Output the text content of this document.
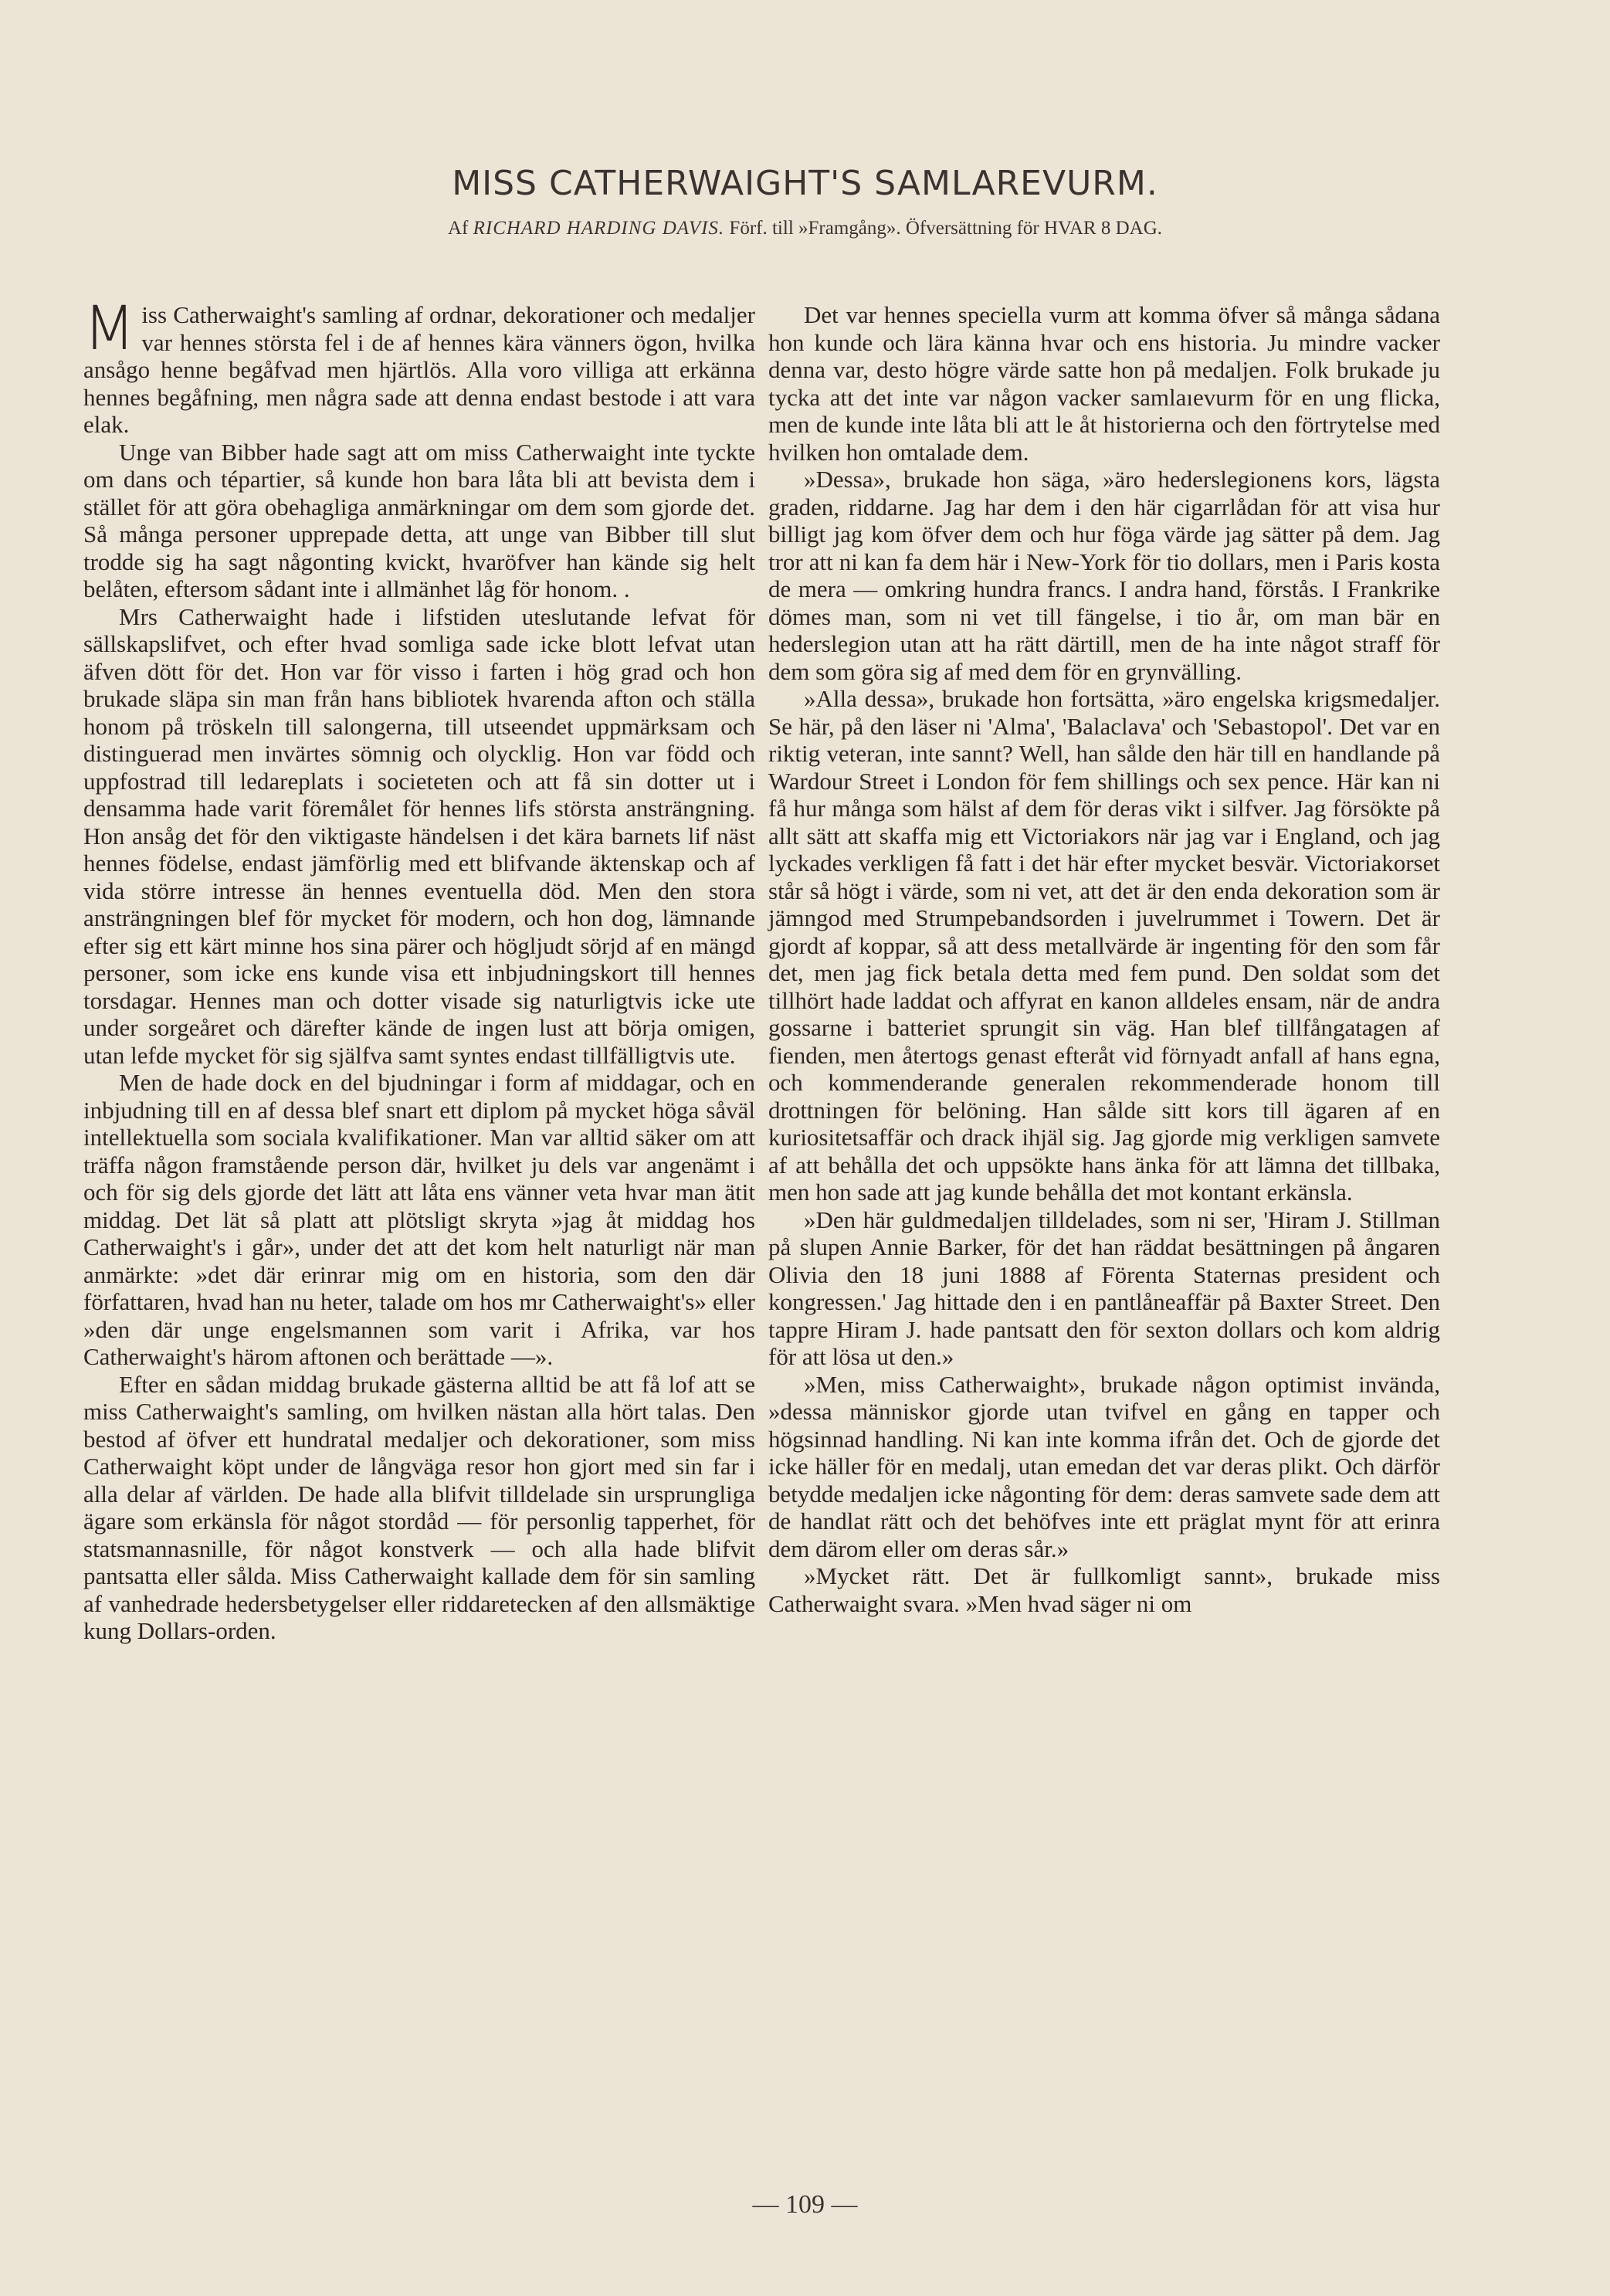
MISS CATHERWAIGHT'S SAMLAREVURM.
Af RICHARD HARDING DAVIS. Förf. till »Framgång». Öfversättning för HVAR 8 DAG.

Miss Catherwaight's samling af ordnar, dekorationer och medaljer var hennes största fel i de af hennes kära vänners ögon, hvilka ansågo henne begåfvad men hjärtlös. Alla voro villiga att erkänna hennes begåfning, men några sade att denna endast bestode i att vara elak.

Unge van Bibber hade sagt att om miss Catherwaight inte tyckte om dans och tépartier, så kunde hon bara låta bli att bevista dem i stället för att göra obehagliga anmärkningar om dem som gjorde det. Så många personer upprepade detta, att unge van Bibber till slut trodde sig ha sagt någonting kvickt, hvaröfver han kände sig helt belåten, eftersom sådant inte i allmänhet låg för honom. .

Mrs Catherwaight hade i lifstiden uteslutande lefvat för sällskapslifvet, och efter hvad somliga sade icke blott lefvat utan äfven dött för det. Hon var för visso i farten i hög grad och hon brukade släpa sin man från hans bibliotek hvarenda afton och ställa honom på tröskeln till salongerna, till utseendet uppmärksam och distinguerad men invärtes sömnig och olycklig. Hon var född och uppfostrad till ledareplats i societeten och att få sin dotter ut i densamma hade varit föremålet för hennes lifs största ansträngning. Hon ansåg det för den viktigaste händelsen i det kära barnets lif näst hennes födelse, endast jämförlig med ett blifvande äktenskap och af vida större intresse än hennes eventuella död. Men den stora ansträngningen blef för mycket för modern, och hon dog, lämnande efter sig ett kärt minne hos sina pärer och högljudt sörjd af en mängd personer, som icke ens kunde visa ett inbjudningskort till hennes torsdagar. Hennes man och dotter visade sig naturligtvis icke ute under sorgeåret och därefter kände de ingen lust att börja omigen, utan lefde mycket för sig själfva samt syntes endast tillfälligtvis ute.

Men de hade dock en del bjudningar i form af middagar, och en inbjudning till en af dessa blef snart ett diplom på mycket höga såväl intellektuella som sociala kvalifikationer. Man var alltid säker om att träffa någon framstående person där, hvilket ju dels var angenämt i och för sig dels gjorde det lätt att låta ens vänner veta hvar man ätit middag. Det lät så platt att plötsligt skryta »jag åt middag hos Catherwaight's i går», under det att det kom helt naturligt när man anmärkte: »det där erinrar mig om en historia, som den där författaren, hvad han nu heter, talade om hos mr Catherwaight's» eller »den där unge engelsmannen som varit i Afrika, var hos Catherwaight's härom aftonen och berättade —».

Efter en sådan middag brukade gästerna alltid be att få lof att se miss Catherwaight's samling, om hvilken nästan alla hört talas. Den bestod af öfver ett hundratal medaljer och dekorationer, som miss Catherwaight köpt under de långväga resor hon gjort med sin far i alla delar af världen. De hade alla blifvit tilldelade sin ursprungliga ägare som erkänsla för något stordåd — för personlig tapperhet, för statsmannasnille, för något konstverk — och alla hade blifvit pantsatta eller sålda. Miss Catherwaight kallade dem för sin samling af vanhedrade hedersbetygelser eller riddaretecken af den allsmäktige kung Dollars-orden.

Det var hennes speciella vurm att komma öfver så många sådana hon kunde och lära känna hvar och ens historia. Ju mindre vacker denna var, desto högre värde satte hon på medaljen. Folk brukade ju tycka att det inte var någon vacker samlaıevurm för en ung flicka, men de kunde inte låta bli att le åt historierna och den förtrytelse med hvilken hon omtalade dem.

»Dessa», brukade hon säga, »äro hederslegionens kors, lägsta graden, riddarne. Jag har dem i den här cigarrlådan för att visa hur billigt jag kom öfver dem och hur föga värde jag sätter på dem. Jag tror att ni kan fa dem här i New-York för tio dollars, men i Paris kosta de mera — omkring hundra francs. I andra hand, förstås. I Frankrike dömes man, som ni vet till fängelse, i tio år, om man bär en hederslegion utan att ha rätt därtill, men de ha inte något straff för dem som göra sig af med dem för en grynvälling.

»Alla dessa», brukade hon fortsätta, »äro engelska krigsmedaljer. Se här, på den läser ni 'Alma', 'Balaclava' och 'Sebastopol'. Det var en riktig veteran, inte sannt? Well, han sålde den här till en handlande på Wardour Street i London för fem shillings och sex pence. Här kan ni få hur många som hälst af dem för deras vikt i silfver. Jag försökte på allt sätt att skaffa mig ett Victoriakors när jag var i England, och jag lyckades verkligen få fatt i det här efter mycket besvär. Victoriakorset står så högt i värde, som ni vet, att det är den enda dekoration som är jämngod med Strumpebandsorden i juvelrummet i Towern. Det är gjordt af koppar, så att dess metallvärde är ingenting för den som får det, men jag fick betala detta med fem pund. Den soldat som det tillhört hade laddat och affyrat en kanon alldeles ensam, när de andra gossarne i batteriet sprungit sin väg. Han blef tillfångatagen af fienden, men återtogs genast efteråt vid förnyadt anfall af hans egna, och kommenderande generalen rekommenderade honom till drottningen för belöning. Han sålde sitt kors till ägaren af en kuriositetsaffär och drack ihjäl sig. Jag gjorde mig verkligen samvete af att behålla det och uppsökte hans änka för att lämna det tillbaka, men hon sade att jag kunde behålla det mot kontant erkänsla.

»Den här guldmedaljen tilldelades, som ni ser, 'Hiram J. Stillman på slupen Annie Barker, för det han räddat besättningen på ångaren Olivia den 18 juni 1888 af Förenta Staternas president och kongressen.' Jag hittade den i en pantlåneaffär på Baxter Street. Den tappre Hiram J. hade pantsatt den för sexton dollars och kom aldrig för att lösa ut den.»

»Men, miss Catherwaight», brukade någon optimist invända, »dessa människor gjorde utan tvifvel en gång en tapper och högsinnad handling. Ni kan inte komma ifrån det. Och de gjorde det icke häller för en medalj, utan emedan det var deras plikt. Och därför betydde medaljen icke någonting för dem: deras samvete sade dem att de handlat rätt och det behöfves inte ett präglat mynt för att erinra dem därom eller om deras sår.»

»Mycket rätt. Det är fullkomligt sannt», brukade miss Catherwaight svara. »Men hvad säger ni om

— 109 —
